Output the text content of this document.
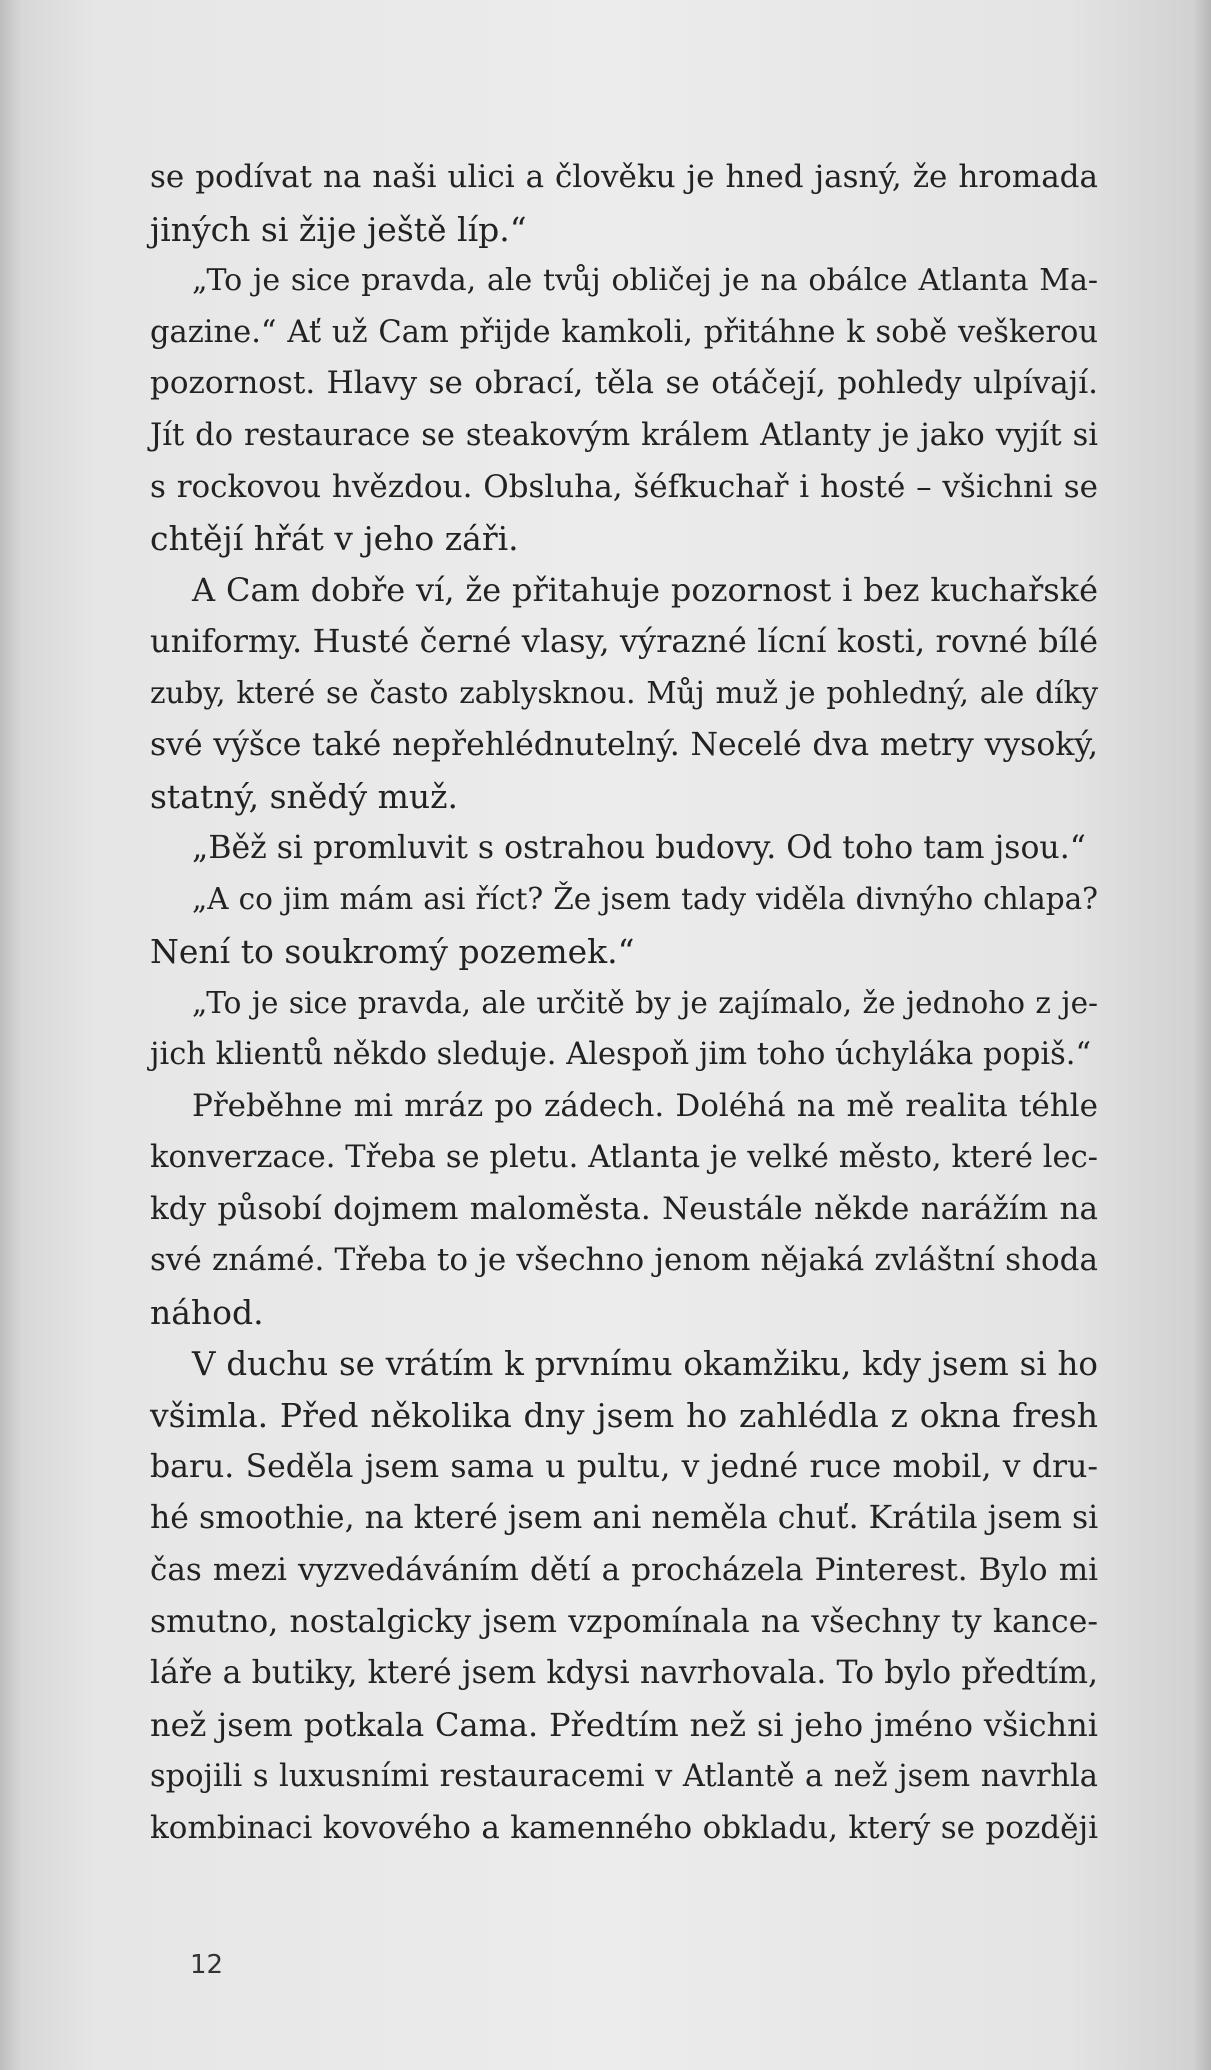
se podívat na naši ulici a člověku je hned jasný, že hromada
jiných si žije ještě líp.“
„To je sice pravda, ale tvůj obličej je na obálce Atlanta Ma-
gazine.“ Ať už Cam přijde kamkoli, přitáhne k sobě veškerou
pozornost. Hlavy se obrací, těla se otáčejí, pohledy ulpívají.
Jít do restaurace se steakovým králem Atlanty je jako vyjít si
s rockovou hvězdou. Obsluha, šéfkuchař i hosté – všichni se
chtějí hřát v jeho záři.
A Cam dobře ví, že přitahuje pozornost i bez kuchařské
uniformy. Husté černé vlasy, výrazné lícní kosti, rovné bílé
zuby, které se často zablysknou. Můj muž je pohledný, ale díky
své výšce také nepřehlédnutelný. Necelé dva metry vysoký,
statný, snědý muž.
„Běž si promluvit s ostrahou budovy. Od toho tam jsou.“
„A co jim mám asi říct? Že jsem tady viděla divnýho chlapa?
Není to soukromý pozemek.“
„To je sice pravda, ale určitě by je zajímalo, že jednoho z je-
jich klientů někdo sleduje. Alespoň jim toho úchyláka popiš.“
Přeběhne mi mráz po zádech. Doléhá na mě realita téhle
konverzace. Třeba se pletu. Atlanta je velké město, které lec-
kdy působí dojmem maloměsta. Neustále někde narážím na
své známé. Třeba to je všechno jenom nějaká zvláštní shoda
náhod.
V duchu se vrátím k prvnímu okamžiku, kdy jsem si ho
všimla. Před několika dny jsem ho zahlédla z okna fresh
baru. Seděla jsem sama u pultu, v jedné ruce mobil, v dru-
hé smoothie, na které jsem ani neměla chuť. Krátila jsem si
čas mezi vyzvedáváním dětí a procházela Pinterest. Bylo mi
smutno, nostalgicky jsem vzpomínala na všechny ty kance-
láře a butiky, které jsem kdysi navrhovala. To bylo předtím,
než jsem potkala Cama. Předtím než si jeho jméno všichni
spojili s luxusními restauracemi v Atlantě a než jsem navrhla
kombinaci kovového a kamenného obkladu, který se později
12
